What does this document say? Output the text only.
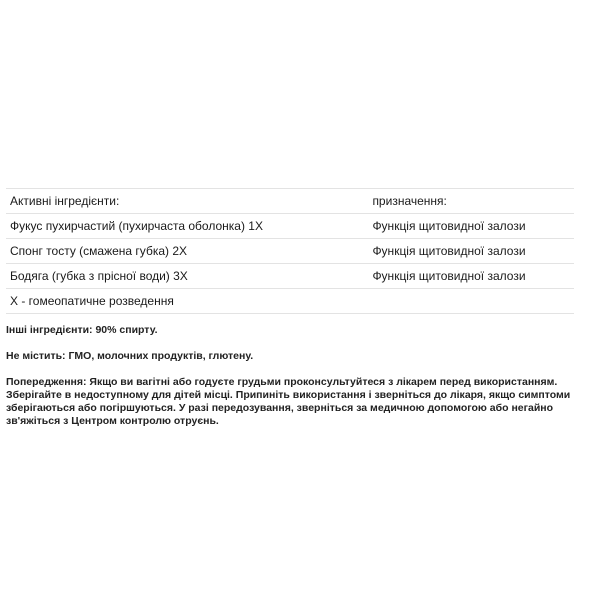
Активні інгредієнти:	призначення:
Фукус пухирчастий (пухирчаста оболонка) 1X	Функція щитовидної залози
Спонг тосту (смажена губка) 2X	Функція щитовидної залози
Бодяга (губка з прісної води) 3X	Функція щитовидної залози
X - гомеопатичне розведення	

Інші інгредієнти: 90% спирту.

Не містить: ГМО, молочних продуктів, глютену.

Попередження: Якщо ви вагітні або годуєте грудьми проконсультуйтеся з лікарем перед використанням. Зберігайте в недоступному для дітей місці. Припиніть використання і зверніться до лікаря, якщо симптоми зберігаються або погіршуються. У разі передозування, зверніться за медичною допомогою або негайно зв'яжіться з Центром контролю отруєнь.
